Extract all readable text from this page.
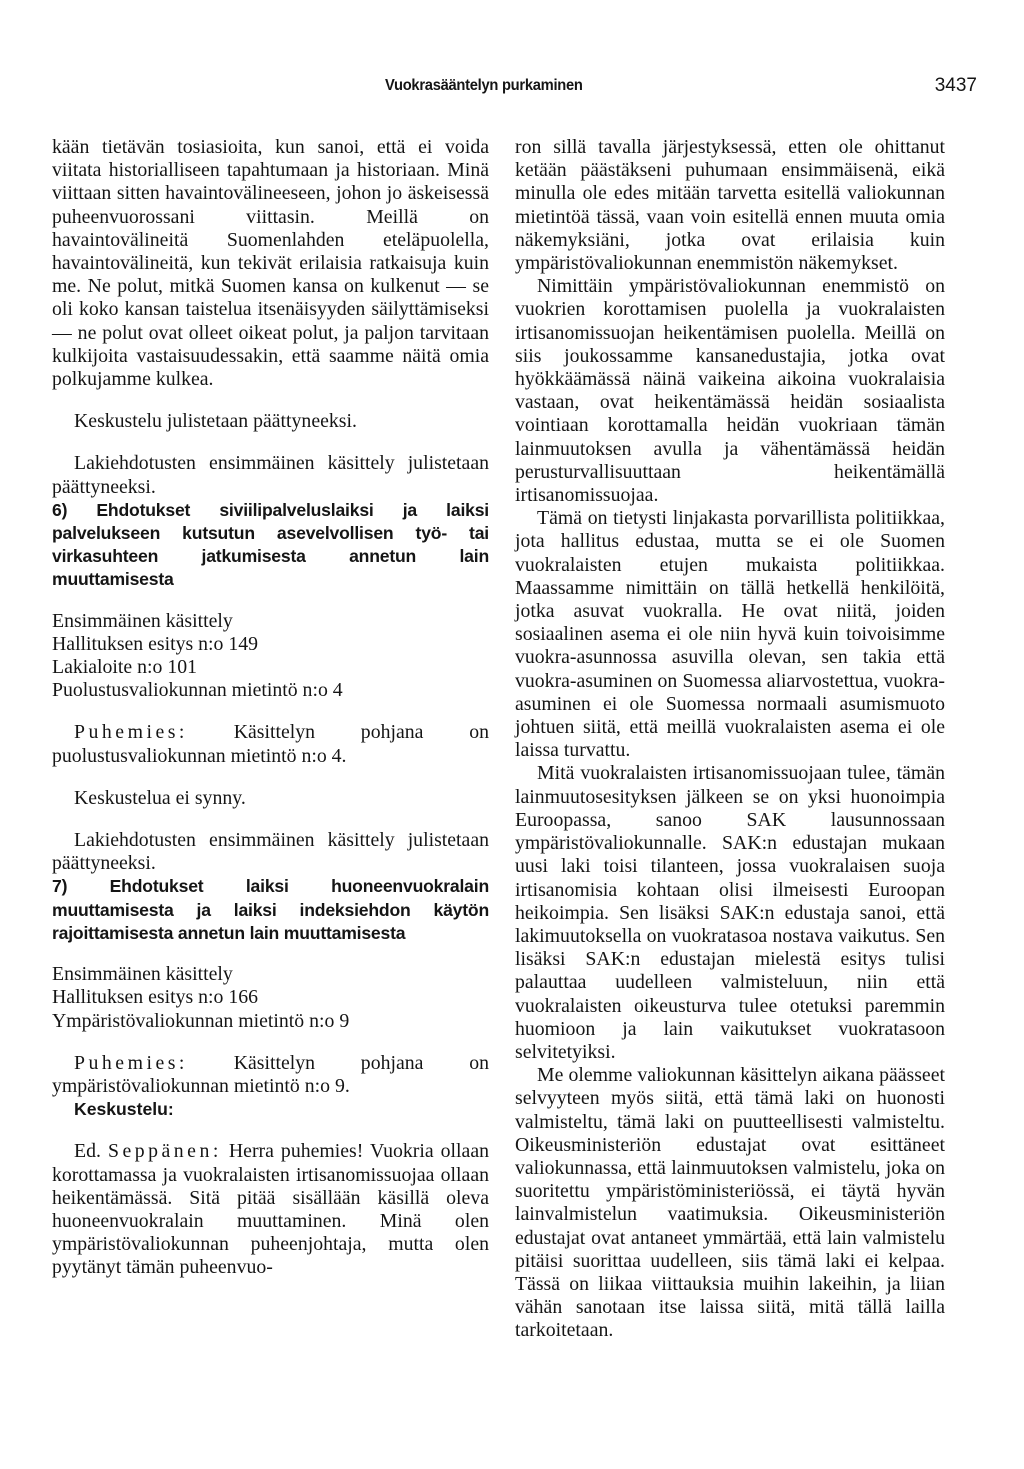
Vuokrasääntelyn purkaminen	3437

kään tietävän tosiasioita, kun sanoi, että ei voida viitata historialliseen tapahtumaan ja historiaan. Minä viittaan sitten havaintovälineeseen, johon jo äskeisessä puheenvuorossani viittasin. Meillä on havaintovälineitä Suomenlahden eteläpuolella, havaintovälineitä, kun tekivät erilaisia ratkaisuja kuin me. Ne polut, mitkä Suomen kansa on kulkenut — se oli koko kansan taistelua itsenäisyyden säilyttämiseksi — ne polut ovat olleet oikeat polut, ja paljon tarvitaan kulkijoita vastaisuudessakin, että saamme näitä omia polkujamme kulkea.

Keskustelu julistetaan päättyneeksi.

Lakiehdotusten ensimmäinen käsittely julistetaan päättyneeksi.

6) Ehdotukset siviilipalveluslaiksi ja laiksi palvelukseen kutsutun asevelvollisen työ- tai virkasuhteen jatkumisesta annetun lain muuttamisesta

Ensimmäinen käsittely
Hallituksen esitys n:o 149
Lakialoite n:o 101
Puolustusvaliokunnan mietintö n:o 4

Puhemies: Käsittelyn pohjana on puolustusvaliokunnan mietintö n:o 4.

Keskustelua ei synny.

Lakiehdotusten ensimmäinen käsittely julistetaan päättyneeksi.

7) Ehdotukset laiksi huoneenvuokralain muuttamisesta ja laiksi indeksiehdon käytön rajoittamisesta annetun lain muuttamisesta

Ensimmäinen käsittely
Hallituksen esitys n:o 166
Ympäristövaliokunnan mietintö n:o 9

Puhemies: Käsittelyn pohjana on ympäristövaliokunnan mietintö n:o 9.

Keskustelu:

Ed. Seppänen: Herra puhemies! Vuokria ollaan korottamassa ja vuokralaisten irtisanomissuojaa ollaan heikentämässä. Sitä pitää sisällään käsillä oleva huoneenvuokralain muuttaminen. Minä olen ympäristövaliokunnan puheenjohtaja, mutta olen pyytänyt tämän puheenvuo-

ron sillä tavalla järjestyksessä, etten ole ohittanut ketään päästäkseni puhumaan ensimmäisenä, eikä minulla ole edes mitään tarvetta esitellä valiokunnan mietintöä tässä, vaan voin esitellä ennen muuta omia näkemyksiäni, jotka ovat erilaisia kuin ympäristövaliokunnan enemmistön näkemykset.

Nimittäin ympäristövaliokunnan enemmistö on vuokrien korottamisen puolella ja vuokralaisten irtisanomissuojan heikentämisen puolella. Meillä on siis joukossamme kansanedustajia, jotka ovat hyökkäämässä näinä vaikeina aikoina vuokralaisia vastaan, ovat heikentämässä heidän sosiaalista vointiaan korottamalla heidän vuokriaan tämän lainmuutoksen avulla ja vähentämässä heidän perusturvallisuuttaan heikentämällä irtisanomissuojaa.

Tämä on tietysti linjakasta porvarillista politiikkaa, jota hallitus edustaa, mutta se ei ole Suomen vuokralaisten etujen mukaista politiikkaa. Maassamme nimittäin on tällä hetkellä henkilöitä, jotka asuvat vuokralla. He ovat niitä, joiden sosiaalinen asema ei ole niin hyvä kuin toivoisimme vuokra-asunnossa asuvilla olevan, sen takia että vuokra-asuminen on Suomessa aliarvostettua, vuokra-asuminen ei ole Suomessa normaali asumismuoto johtuen siitä, että meillä vuokralaisten asema ei ole laissa turvattu.

Mitä vuokralaisten irtisanomissuojaan tulee, tämän lainmuutosesityksen jälkeen se on yksi huonoimpia Euroopassa, sanoo SAK lausunnossaan ympäristövaliokunnalle. SAK:n edustajan mukaan uusi laki toisi tilanteen, jossa vuokralaisen suoja irtisanomisia kohtaan olisi ilmeisesti Euroopan heikoimpia. Sen lisäksi SAK:n edustaja sanoi, että lakimuutoksella on vuokratasoa nostava vaikutus. Sen lisäksi SAK:n edustajan mielestä esitys tulisi palauttaa uudelleen valmisteluun, niin että vuokralaisten oikeusturva tulee otetuksi paremmin huomioon ja lain vaikutukset vuokratasoon selvitetyiksi.

Me olemme valiokunnan käsittelyn aikana päässeet selvyyteen myös siitä, että tämä laki on huonosti valmisteltu, tämä laki on puutteellisesti valmisteltu. Oikeusministeriön edustajat ovat esittäneet valiokunnassa, että lainmuutoksen valmistelu, joka on suoritettu ympäristöministeriössä, ei täytä hyvän lainvalmistelun vaatimuksia. Oikeusministeriön edustajat ovat antaneet ymmärtää, että lain valmistelu pitäisi suorittaa uudelleen, siis tämä laki ei kelpaa. Tässä on liikaa viittauksia muihin lakeihin, ja liian vähän sanotaan itse laissa siitä, mitä tällä lailla tarkoitetaan.
